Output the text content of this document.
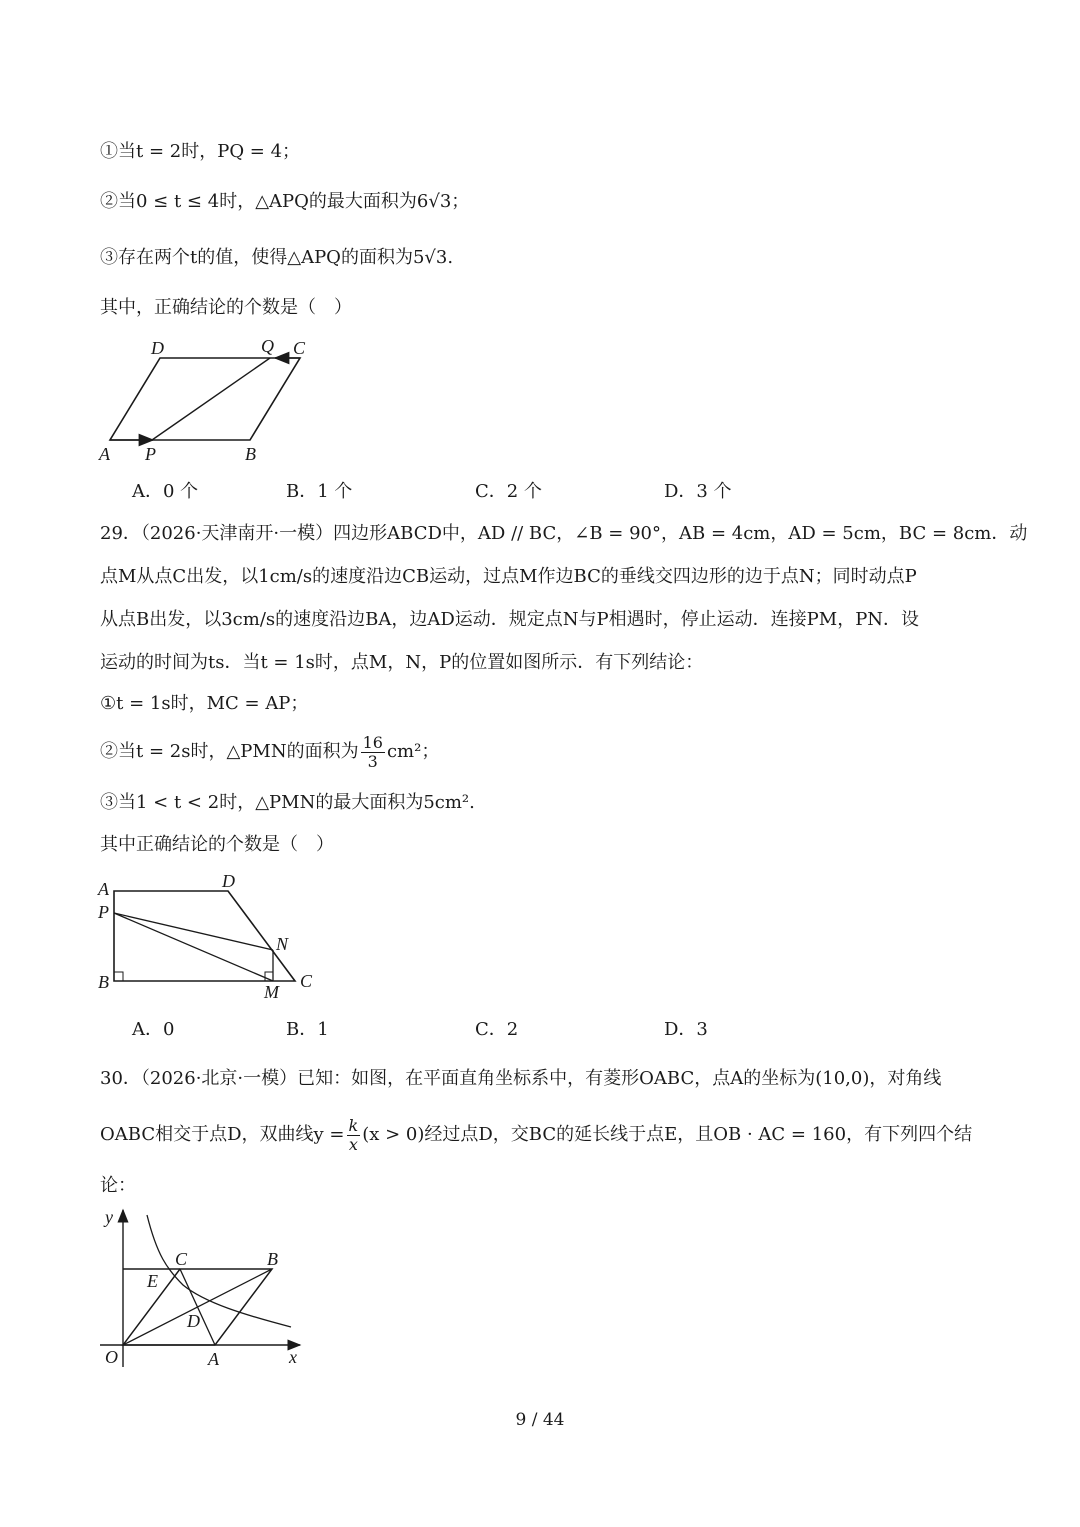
①当t = 2时，PQ = 4；
②当0 ≤ t ≤ 4时，△APQ的最大面积为6√3；
③存在两个t的值，使得△APQ的面积为5√3.
其中，正确结论的个数是（　）
D	Q C
A P	B
A．0 个	B．1 个	C．2 个	D．3 个
29．（2026·天津南开·一模）四边形ABCD中，AD // BC，∠B = 90°，AB = 4cm，AD = 5cm，BC = 8cm．动
点M从点C出发，以1cm/s的速度沿边CB运动，过点M作边BC的垂线交四边形的边于点N；同时动点P
从点B出发，以3cm/s的速度沿边BA，边AD运动．规定点N与P相遇时，停止运动．连接PM，PN．设
运动的时间为ts．当t = 1s时，点M，N，P的位置如图所示．有下列结论：
①t = 1s时，MC = AP；
②当t = 2s时，△PMN的面积为 $\frac{16}{3} cm^2$；
③当1 < t < 2时，△PMN的最大面积为5cm².
其中正确结论的个数是（　）
A	D
P
N
B	M
C
A．0	B．1	C．2	D．3
30．（2026·北京·一模）已知：如图，在平面直角坐标系中，有菱形OABC，点A的坐标为(10,0)，对角线
OABC相交于点D，双曲线$y = \frac{k}{x} (x > 0)$经过点D，交BC的延长线于点E，且OB · AC = 160，有下列四个结
论：
y
C	B
E
D
O	A	x
9 / 44
